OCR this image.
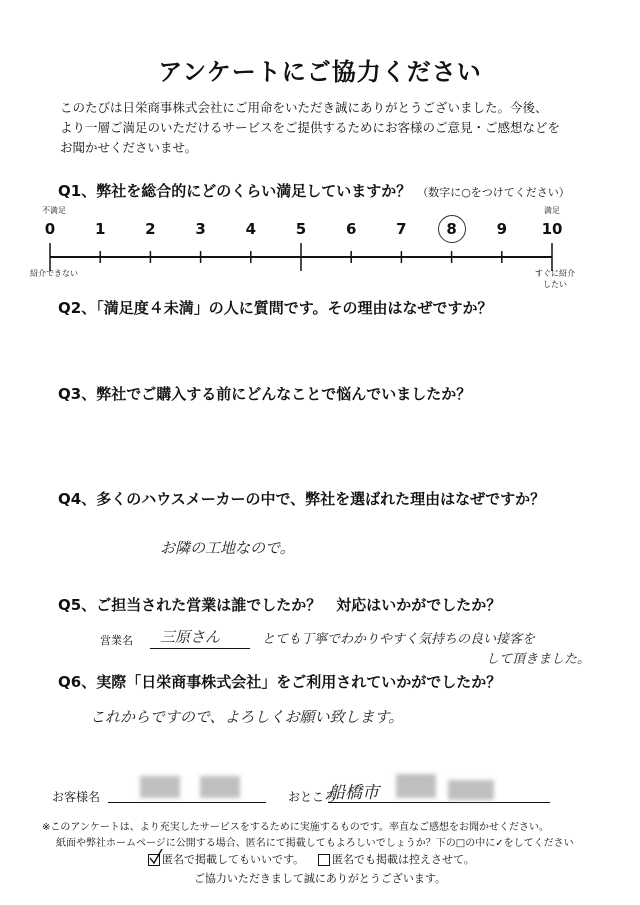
アンケートにご協力ください
このたびは日栄商事株式会社にご用命をいただき誠にありがとうございました。今後、
より一層ご満足のいただけるサービスをご提供するためにお客様のご意見・ご感想などを
お聞かせくださいませ。
Q1、弊社を総合的にどのくらい満足していますか？ （数字に○をつけてください）
不満足	満足
0	1	2	3	4	5	6	7	8	9	10
紹介できない	すぐに紹介したい
Q2、「満足度４未満」の人に質問です。その理由はなぜですか？
Q3、弊社でご購入する前にどんなことで悩んでいましたか？
Q4、多くのハウスメーカーの中で、弊社を選ばれた理由はなぜですか？
お隣の工地なので。
Q5、ご担当された営業は誰でしたか？　対応はいかがでしたか？
営業名 三原さん	とても丁寧でわかりやすく気持ちの良い接客を
して頂きました。
Q6、実際「日栄商事株式会社」をご利用されていかがでしたか？
これからですので、よろしくお願い致します。
お客様名	おところ
船橋市
※このアンケートは、より充実したサービスをするために実施するものです。率直なご感想をお聞かせください。
紙面や弊社ホームページに公開する場合、匿名にて掲載してもよろしいでしょうか？下の□の中に✓をしてください
匿名で掲載してもいいです。	匿名でも掲載は控えさせて。
ご協力いただきまして誠にありがとうございます。
